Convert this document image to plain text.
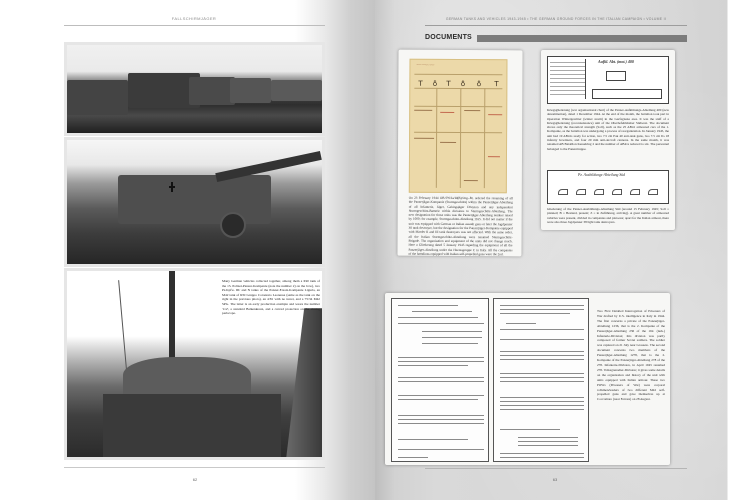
FALLSCHIRMJÄGER
Many German vehicles collected together, among them a P40 tank of the 15. Polizei-Panzer-Kompanie (note the number 2) on the bow), two Pz.Kpfw. III/ and N tanks of the Panzer-Ersatz-Kompanie Liguria, an M42 tank of RSI Gruppo Corazzato Leonessa (same as the tank on the right in the previous photo), an 4/81 with no turret, and a 75/34 M42 SPG. The latter is an early production example and wears the number '112', a standard Balkenkreuz, and a curved protection on the aiming periscope.
62
GERMAN TANKS AND VEHICLES 1943-1945 • THE GERMAN GROUND FORCES IN THE ITALIAN CAMPAIGN • VOLUME II
DOCUMENTS
~~~ ~~~~ ~~~
T ♁ T ♁ ♁ T
On 23 February 1944 OB.SW/Ia/Id(B)/Org.-Br. ordered the renaming of all the Panzerjäger-Kompanie (Sturmgeschütz) within the Panzerjäger-Abteilung of all Infanterie, Jäger, Gebirgsjäger Division and any independent Sturmgeschütz-Batterie within divisions to Sturmgeschütz-Abteilung. The new designation for those units was the Panzerjäger-Abteilung number raised by 1000; for example, Sturmgeschütz-Abteilung 1165. It did not matter if the unit was equipped with German or Italian assault guns or later the Jagdpanzer 38 tank destroyer, but the designation for the Panzerjäger-Kompanie equipped with Marder II and III tank destroyers was not affected. With the same order, all the Italian Sturmgeschütz-Abteilung were renamed Sturmgeschütz-Brigade. The organisation and equipment of the units did not change much. Here a Gliederung dated 5 January 1945 regarding the equipment of all the Panzerjäger-Abteilung under the Heeresgruppe C in Italy. All the companies of the battalions equipped with Italian self-propelled guns were the 2nd.
Aufkl. Abt. (mot.) 400
Kriegsgliederung (war organisational chart) of the Panzer-Aufklärungs-Abteilung 400 (new denomination), dated 1 December 1944. At the end of the month, the battalion took part in Operation Wintergewitter (winter storm) in the Garfagnana area. It was the staff of a Kriegsgliederung (reconnaissance) unit of the Oberbefehlshaber Südwest. The document shows only the theoretical strength (Soll), such as the 25 AB41 armoured cars of the 1. Kompanie, as the battalion was undergoing a process of reorganization. In January 1945, the unit had 19 AB41s ready for action, two 7.5 cm Pak 40 anti-tank guns, two 7.5 cm IG 18 infantry howitzers, and four 20 mm anti-aircraft cannons. In the same month, it was renamed AB Bataillon Kesselring 2 and the number of AB41s reduced to six. The personnel belonged to the Panzertruppe.
Pz. Ausbildungs-Abteilung Süd
Gliederung of the Panzer-Ausbildungs-Abteilung Süd (around 15 February 1945; Soll = planned; B = Bestand, present; Z = in Zuführung, arriving). A great number of armoured vehicles were present, divided in companies and platoons; apart for the Italian armour, there were also three Jagdpanzer 38 light tank destroyers.
Two First Detailed Interrogation of Prisoners of War drafted by U.S. intelligence in Italy in 1944. The first concerns a private of the Panzerjäger-Abteilung 1236, that is the 2. Kompanie of the Panzerjäger-Abteilung 236 of the 162. (turk.) Infanterie-Division; this division was partly composed of former Soviet soldiers. The soldier was captured on 21 July near Grosseto. The second document concerns two members of the Panzerjäger-Abteilung 1278, that is the 2. Kompanie of the Panzerjäger-Abteilung 278 of the 278. Infanterie-Division, in April 1945 renamed 278. Volksgrenadier-Division; it gives some details on the organisation and history of the unit with units equipped with Italian armour. These two POWs (Prisoners of War) were corporal rollsmen/leaders of two different M42 self-propelled guns and gave themselves up at Coccomaro (near Ferrara) on 28 August.
63
